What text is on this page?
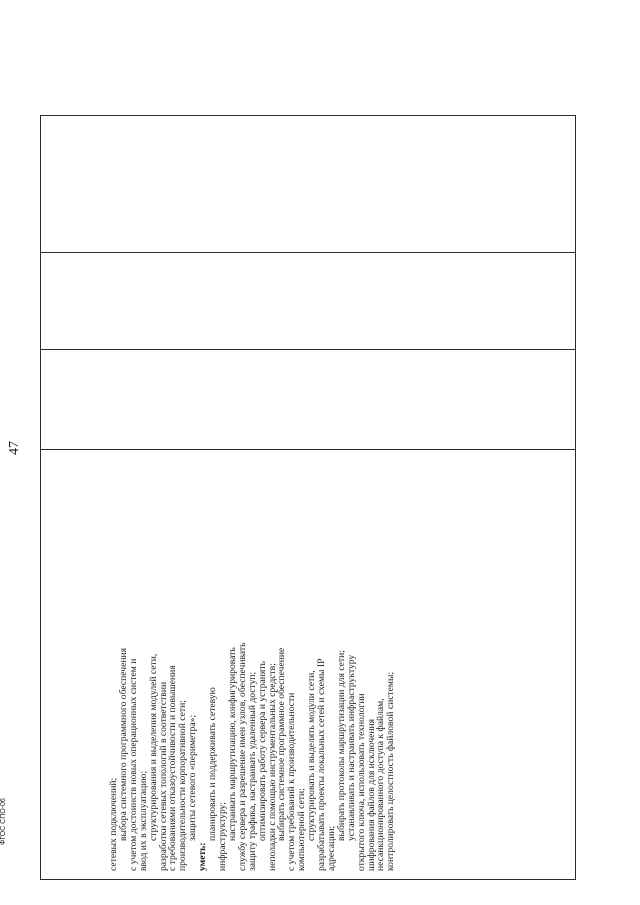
47
ФГОС СПО-06	сетевых подключений;
выбора системного программного обеспечения
с учетом достоинств новых операционных систем и
ввод их в эксплуатацию;
структурирования и выделения модулей сети,
разработки сетевых топологий в соответствии
с требованиями отказоустойчивости и повышения
производительности корпоративной сети;
защиты сетевого «периметра»;
уметь:
планировать и поддерживать сетевую
инфраструктуру;
настраивать маршрутизацию, конфигурировать
службу сервера и разрешение имен узлов, обеспечивать
защиту трафика, настраивать удаленный доступ;
оптимизировать работу сервера и устранять
неполадки с помощью инструментальных средств;
выбирать системное программное обеспечение
с учетом требований к производительности
компьютерной сети;
структурировать и выделять модули сети,
разрабатывать проекты локальных сетей и схемы IP
адресации;
выбирать протоколы маршрутизации для сети;
устанавливать и настраивать инфраструктуру
открытого ключа, использовать технологии
шифрования файлов для исключения
несанкционированного доступа к файлам,
контролировать целостность файловой системы;
